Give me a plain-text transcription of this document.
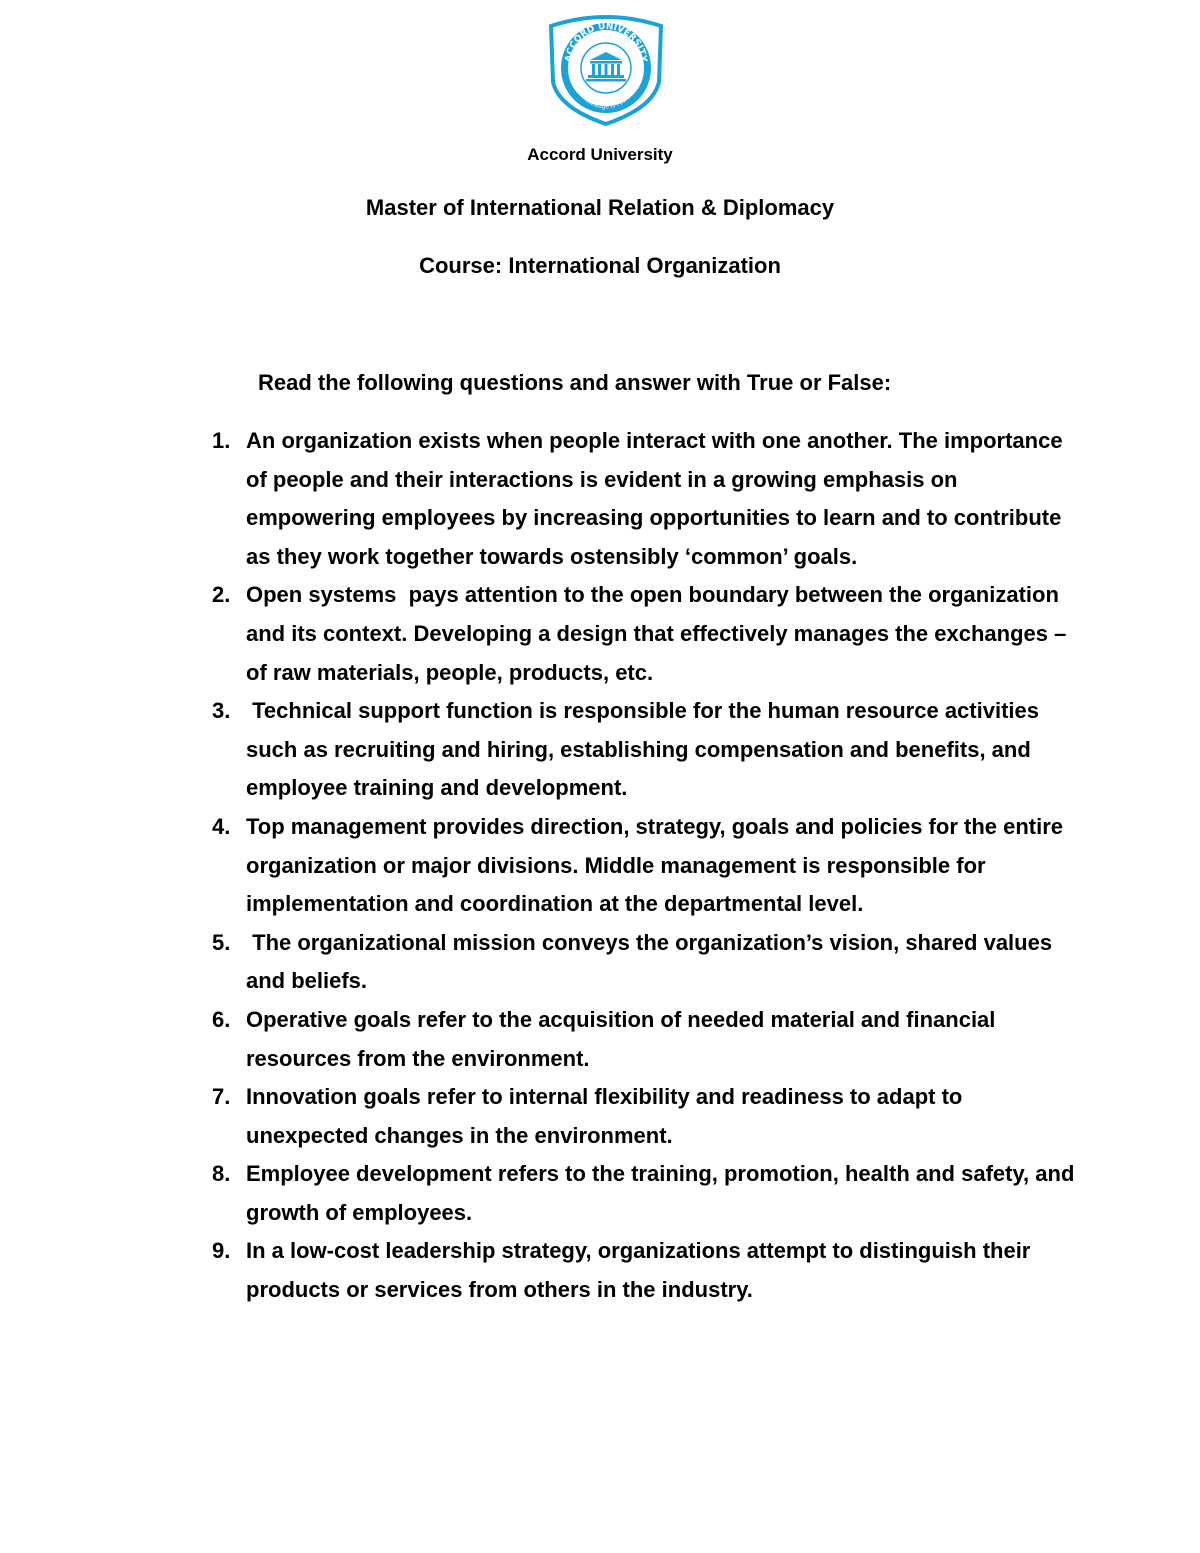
ACCORD UNIVERSITY
Knowledge is Power
Accord University
Master of International Relation & Diplomacy
Course: International Organization
Read the following questions and answer with True or False:
1. An organization exists when people interact with one another. The importance of people and their interactions is evident in a growing emphasis on empowering employees by increasing opportunities to learn and to contribute as they work together towards ostensibly ‘common’ goals.
2. Open systems  pays attention to the open boundary between the organization and its context. Developing a design that effectively manages the exchanges – of raw materials, people, products, etc.
3. Technical support function is responsible for the human resource activities such as recruiting and hiring, establishing compensation and benefits, and employee training and development.
4. Top management provides direction, strategy, goals and policies for the entire organization or major divisions. Middle management is responsible for implementation and coordination at the departmental level.
5. The organizational mission conveys the organization’s vision, shared values and beliefs.
6. Operative goals refer to the acquisition of needed material and financial resources from the environment.
7. Innovation goals refer to internal flexibility and readiness to adapt to unexpected changes in the environment.
8. Employee development refers to the training, promotion, health and safety, and growth of employees.
9. In a low-cost leadership strategy, organizations attempt to distinguish their products or services from others in the industry.
